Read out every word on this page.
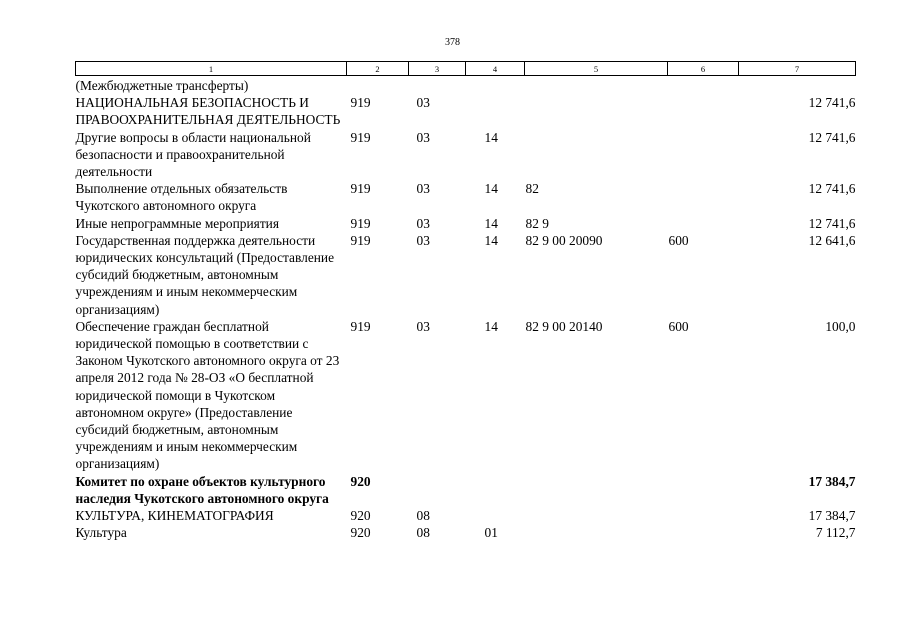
378
1	2	3	4	5	6	7
(Межбюджетные трансферты)						
НАЦИОНАЛЬНАЯ БЕЗОПАСНОСТЬ И ПРАВООХРАНИТЕЛЬНАЯ ДЕЯТЕЛЬНОСТЬ	919	03				12 741,6
Другие вопросы в области национальной безопасности и правоохранительной деятельности	919	03	14			12 741,6
Выполнение отдельных обязательств Чукотского автономного округа	919	03	14	82		12 741,6
Иные непрограммные мероприятия	919	03	14	82 9		12 741,6
Государственная поддержка деятельности юридических консультаций (Предоставление субсидий бюджетным, автономным учреждениям и иным некоммерческим организациям)	919	03	14	82 9 00 20090	600	12 641,6
Обеспечение граждан бесплатной юридической помощью в соответствии с Законом Чукотского автономного округа от 23 апреля 2012 года № 28-ОЗ «О бесплатной юридической помощи в Чукотском автономном округе» (Предоставление субсидий бюджетным, автономным учреждениям и иным некоммерческим организациям)	919	03	14	82 9 00 20140	600	100,0
Комитет по охране объектов культурного наследия Чукотского автономного округа	920					17 384,7
КУЛЬТУРА, КИНЕМАТОГРАФИЯ	920	08				17 384,7
Культура	920	08	01			7 112,7
